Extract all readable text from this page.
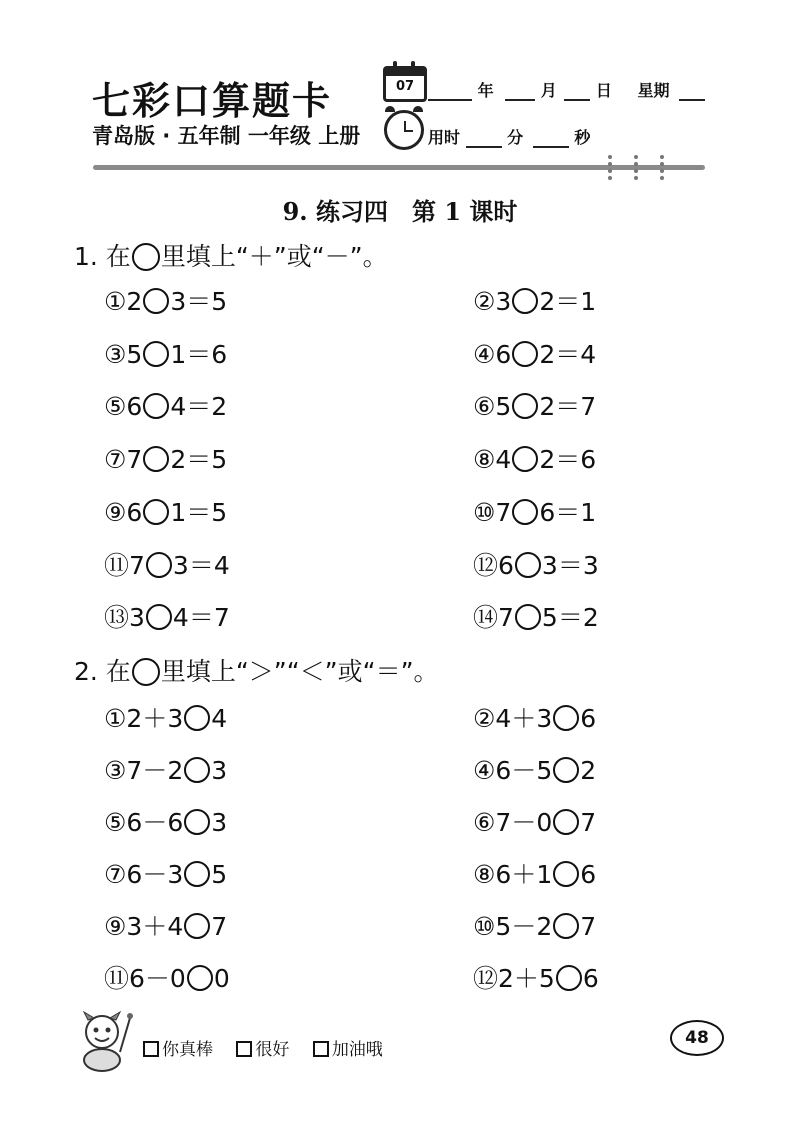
七彩口算题卡	07	年	月 日 星期
青岛版 · 五年制 一年级 上册	用时	分	秒
9. 练习四　第 1 课时
1. 在 里填上“＋”或“－”。
①2 3＝5	②3 2＝1
③5 1＝6	④6 2＝4
⑤6 4＝2	⑥5 2＝7
⑦7 2＝5	⑧4 2＝6
⑨6 1＝5	⑩7 6＝1
⑪7 3＝4	⑫6 3＝3
⑬3 4＝7	⑭7 5＝2
2. 在 里填上“＞”“＜”或“＝”。
①2＋3 4	②4＋3 6
③7－2 3	④6－5 2
⑤6－6 3	⑥7－0 7
⑦6－3 5	⑧6＋1 6
⑨3＋4 7	⑩5－2 7
⑪6－0 0	⑫2＋5 6
你真棒 很好 加油哦
48
